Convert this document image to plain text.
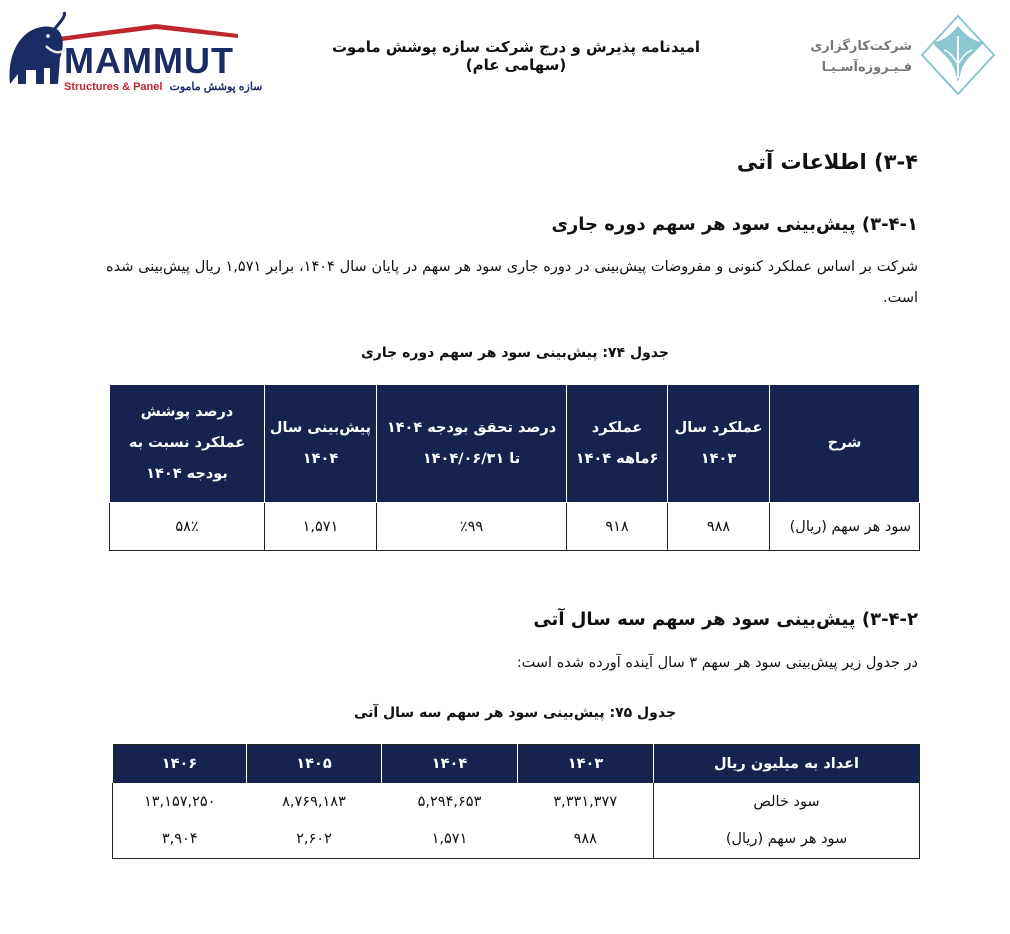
MAMMUT
Structures & Panel سازه پوشش ماموت
امیدنامه پذیرش و درج شرکت سازه پوشش ماموت (سهامی عام)
شرکت‌کارگزاری
فـیـروزه‌آسـیـا
۳-۴) اطلاعات آتی
۳-۴-۱) پیش‌بینی سود هر سهم دوره جاری
شرکت بر اساس عملکرد کنونی و مفروضات پیش‌بینی در دوره جاری سود هر سهم در پایان سال ۱۴۰۴، برابر ۱,۵۷۱ ریال پیش‌بینی شده است.
جدول ۷۴: پیش‌بینی سود هر سهم دوره جاری
شرح	عملکرد سال ۱۴۰۳	عملکرد ۶ماهه ۱۴۰۴	درصد تحقق بودجه ۱۴۰۴ تا ۱۴۰۴/۰۶/۳۱	پیش‌بینی سال ۱۴۰۴	درصد پوشش عملکرد نسبت به بودجه ۱۴۰۴
سود هر سهم (ریال)	۹۸۸	۹۱۸	٪۹۹	۱,۵۷۱	۵۸٪
۳-۴-۲) پیش‌بینی سود هر سهم سه سال آتی
در جدول زیر پیش‌بینی سود هر سهم ۳ سال آینده آورده شده است:
جدول ۷۵: پیش‌بینی سود هر سهم سه سال آتی
اعداد به میلیون ریال	۱۴۰۳	۱۴۰۴	۱۴۰۵	۱۴۰۶
سود خالص	۳,۳۳۱,۳۷۷	۵,۲۹۴,۶۵۳	۸,۷۶۹,۱۸۳	۱۳,۱۵۷,۲۵۰
سود هر سهم (ریال)	۹۸۸	۱,۵۷۱	۲,۶۰۲	۳,۹۰۴
